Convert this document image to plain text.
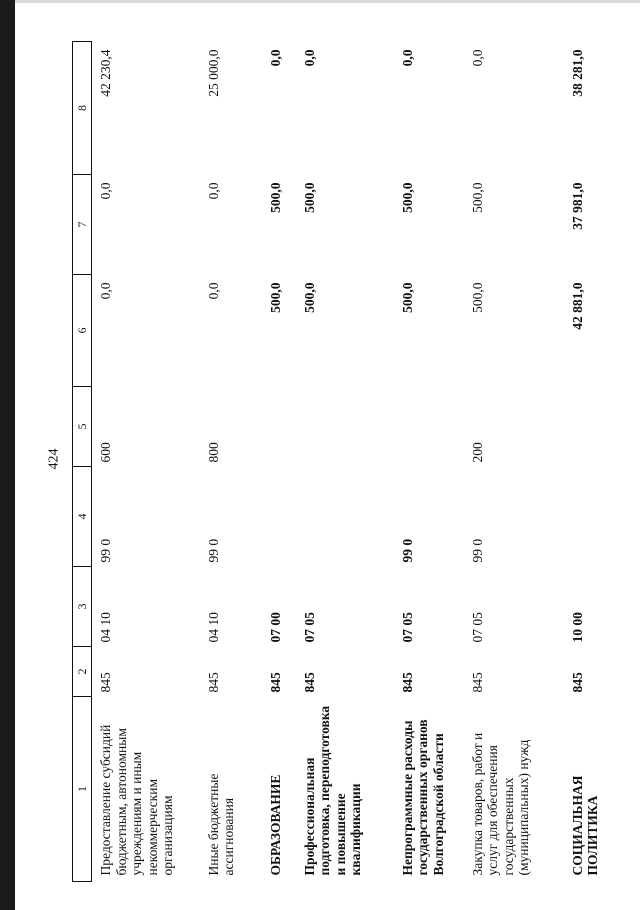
424
1	2	3	4	5	6	7	8
Предоставление субсидий бюджетным, автономным учреждениям и иным некоммерческим организациям	845	04 10	99 0	600	0,0	0,0	42 230,4
Иные бюджетные ассигнования	845	04 10	99 0	800	0,0	0,0	25 000,0
ОБРАЗОВАНИЕ	845	07 00			500,0	500,0	0,0
Профессиональная подготовка, переподготовка и повышение квалификации	845	07 05			500,0	500,0	0,0
Непрограммные расходы государственных органов Волгоградской области	845	07 05	99 0		500,0	500,0	0,0
Закупка товаров, работ и услуг для обеспечения государственных (муниципальных) нужд	845	07 05	99 0	200	500,0	500,0	0,0
СОЦИАЛЬНАЯ ПОЛИТИКА	845	10 00			42 881,0	37 981,0	38 281,0
